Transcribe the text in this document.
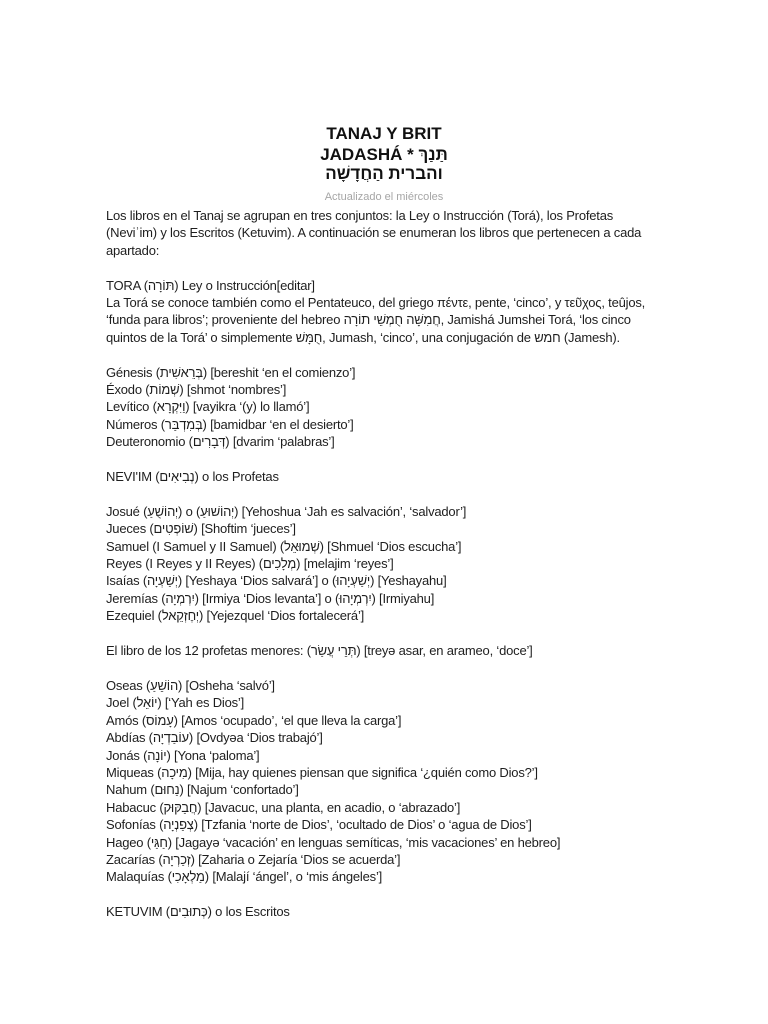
TANAJ Y BRIT
JADASHÁ * תַּנַךְ
והברית הַחֲדָשָׁה
Actualizado el miércoles
Los libros en el Tanaj se agrupan en tres conjuntos: la Ley o Instrucción (Torá), los Profetas
(Neviʾim) y los Escritos (Ketuvim). A continuación se enumeran los libros que pertenecen a cada
apartado:
TORA (תּוֹרָה) Ley o Instrucción[editar]
La Torá se conoce también como el Pentateuco, del griego πέντε, pente, ‘cinco’, y τεῦχος, teûjos,
‘funda para libros’; proveniente del hebreo חֲמִשָּׁה חֻמְשֵׁי תוֹרָה, Jamishá Jumshei Torá, ‘los cinco
quintos de la Torá’ o simplemente חֻמָּשׁ, Jumash, ‘cinco’, una conjugación de חמש (Jamesh).
Génesis (בְּרֵאשִׁית) [bereshit ‘en el comienzo’]
Éxodo (שְׁמוֹת) [shmot ‘nombres’]
Levítico (וַיִּקְרָא) [vayikra ‘(y) lo llamó’]
Números (בְּמִדְבַּר) [bamidbar ‘en el desierto’]
Deuteronomio (דְּבָרִים) [dvarim ‘palabras’]
NEVI'IM (נְבִיאִים) o los Profetas
Josué (יְהוֹשֻׁעַ) o (יְהוֹשׁוּעַ) [Yehoshua ‘Jah es salvación’, ‘salvador’]
Jueces (שׁוֹפְטִים) [Shoftim ‘jueces’]
Samuel (I Samuel y II Samuel) (שְׁמוּאֵל) [Shmuel ‘Dios escucha’]
Reyes (I Reyes y II Reyes) (מְלָכִים) [melajim ‘reyes’]
Isaías (יְשַׁעְיָה) [Yeshaya ‘Dios salvará’] o (יְשַׁעְיָהוּ) [Yeshayahu]
Jeremías (יִרְמְיָה) [Irmiya ‘Dios levanta’] o (יִרְמְיָהוּ) [Irmiyahu]
Ezequiel (יְחֶזְקֵאל) [Yejezquel ‘Dios fortalecerá’]
El libro de los 12 profetas menores: (תְּרֵי עֲשַׂר) [treyə asar, en arameo, ‘doce’]
Oseas (הוֹשֵׁעַ) [Osheha ‘salvó’]
Joel (יוֹאֵל) [‘Yah es Dios’]
Amós (עָמוֹס) [Amos ‘ocupado’, ‘el que lleva la carga’]
Abdías (עוֹבַדְיָה) [Ovdyəa ‘Dios trabajó’]
Jonás (יוֹנָה) [Yona ‘paloma’]
Miqueas (מִיכָה) [Mija, hay quienes piensan que significa ‘¿quién como Dios?’]
Nahum (נַחוּם) [Najum ‘confortado’]
Habacuc (חֲבַקּוּק) [Javacuc, una planta, en acadio, o ‘abrazado’]
Sofonías (צְפַנְיָה) [Tzfania ‘norte de Dios’, ‘ocultado de Dios’ o ‘agua de Dios’]
Hageo (חַגַּי) [Jagayə ‘vacación’ en lenguas semíticas, ‘mis vacaciones’ en hebreo]
Zacarías (זְכַרְיָה) [Zaharia o Zejaría ‘Dios se acuerda’]
Malaquías (מַלְאָכִי) [Malají ‘ángel’, o ‘mis ángeles’]
KETUVIM (כְּתוּבִים) o los Escritos
